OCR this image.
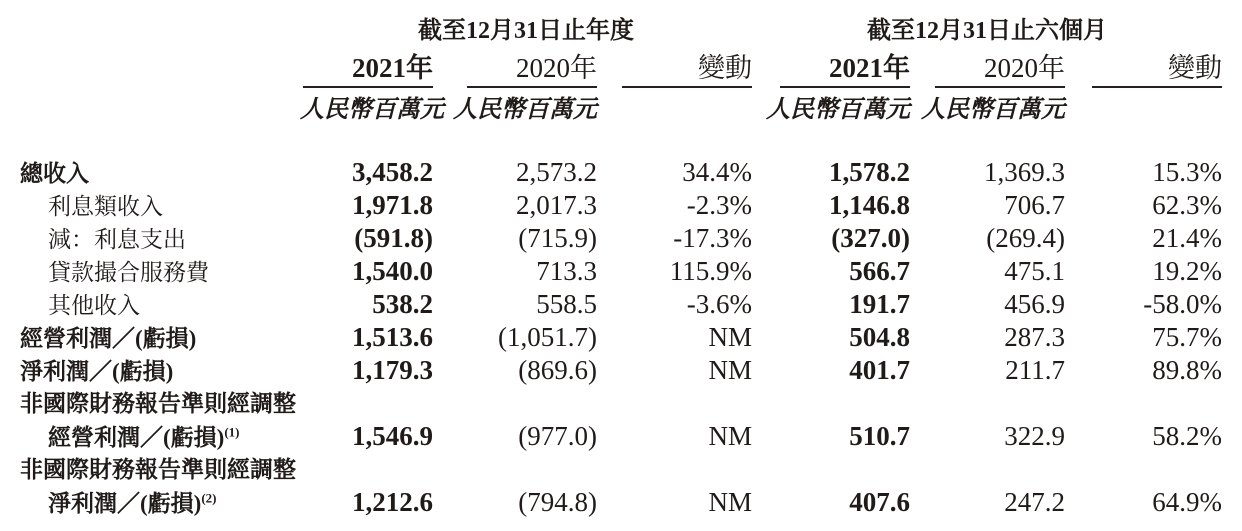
截至12月31日止年度	截至12月31日止六個月
2021年	2020年	變動	2021年	2020年	變動
人民幣百萬元 人民幣百萬元	人民幣百萬元 人民幣百萬元
總收入	3,458.2	2,573.2	34.4%	1,578.2	1,369.3	15.3%
利息類收入	1,971.8	2,017.3	-2.3%	1,146.8	706.7	62.3%
減：利息支出	(591.8)	(715.9)	-17.3%	(327.0)	(269.4)	21.4%
貸款撮合服務費	1,540.0	713.3	115.9%	566.7	475.1	19.2%
其他收入	538.2	558.5	-3.6%	191.7	456.9	-58.0%
經營利潤／(虧損)	1,513.6	(1,051.7)	NM	504.8	287.3	75.7%
淨利潤／(虧損)	1,179.3	(869.6)	NM	401.7	211.7	89.8%
非國際財務報告準則經調整
經營利潤／(虧損)$^{(1)}$	1,546.9	(977.0)	NM	510.7	322.9	58.2%
非國際財務報告準則經調整
淨利潤／(虧損)$^{(2)}$	1,212.6	(794.8)	NM	407.6	247.2	64.9%
